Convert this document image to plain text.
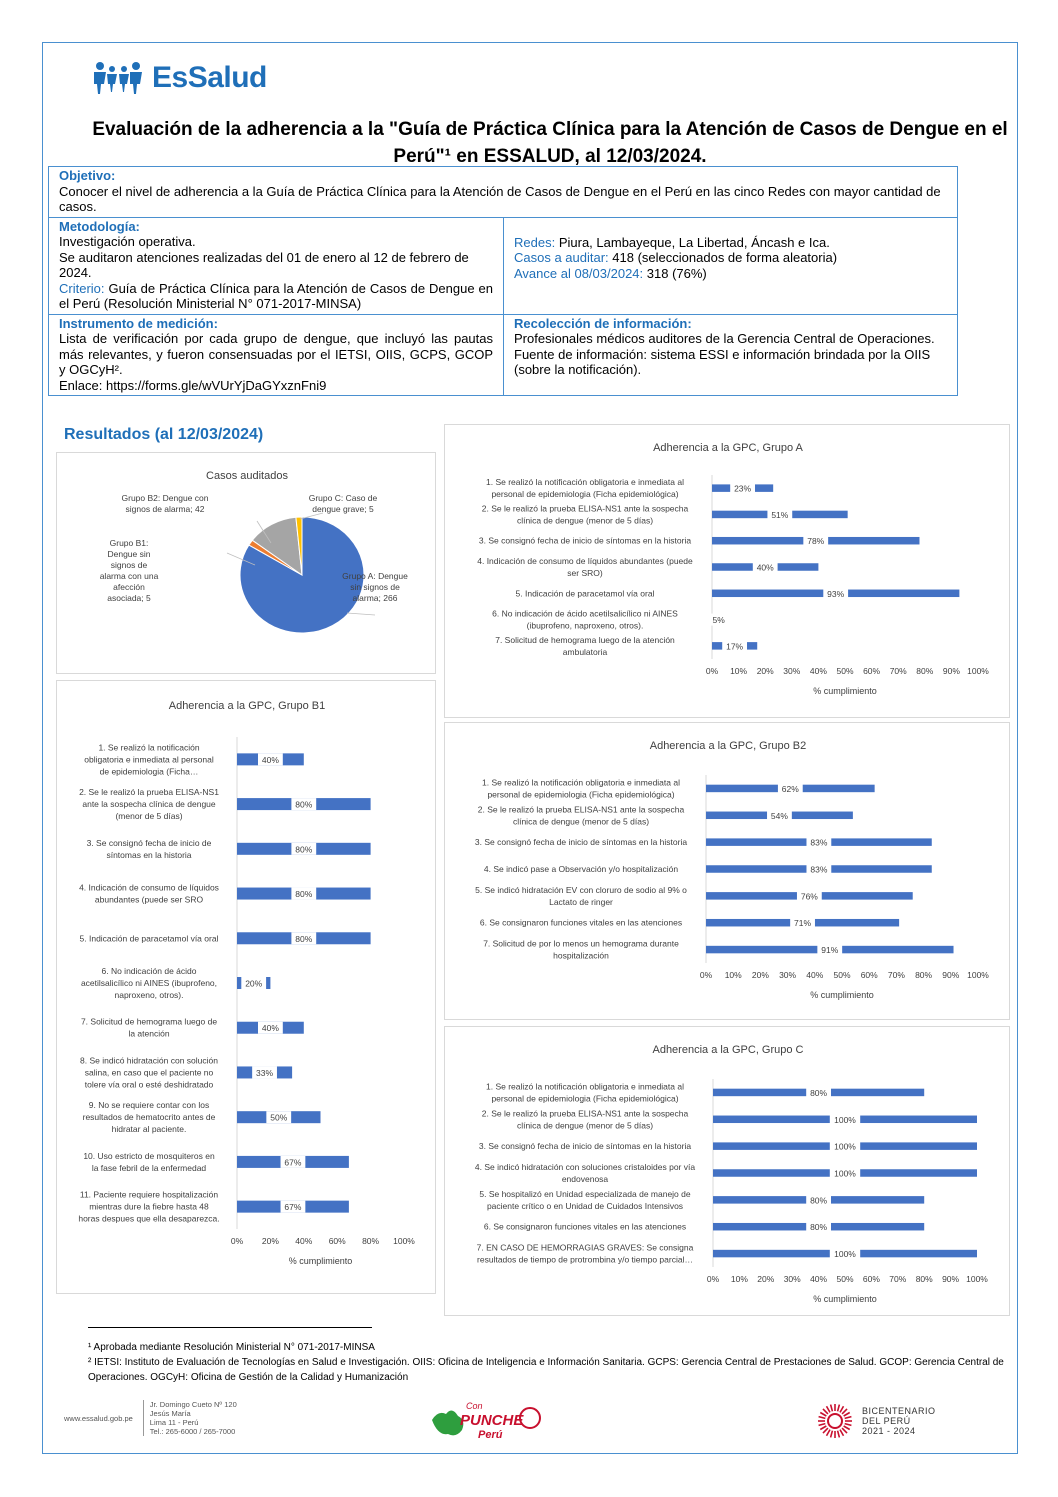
EsSalud
Evaluación de la adherencia a la "Guía de Práctica Clínica para la Atención de Casos de Dengue en el Perú"¹ en ESSALUD, al 12/03/2024.
Objetivo:
Conocer el nivel de adherencia a la Guía de Práctica Clínica para la Atención de Casos de Dengue en el Perú en las cinco Redes con mayor cantidad de casos.
Metodología:
Investigación operativa.
Se auditaron atenciones realizadas del 01 de enero al 12 de febrero de 2024.
Criterio: Guía de Práctica Clínica para la Atención de Casos de Dengue en el Perú (Resolución Ministerial N° 071-2017-MINSA)
Redes: Piura, Lambayeque, La Libertad, Áncash e Ica.
Casos a auditar: 418 (seleccionados de forma aleatoria)
Avance al 08/03/2024: 318 (76%)
Instrumento de medición:
Lista de verificación por cada grupo de dengue, que incluyó las pautas más relevantes, y fueron consensuadas por el IETSI, OIIS, GCPS, GCOP y OGCyH².
Enlace: https://forms.gle/wVUrYjDaGYxznFni9
Recolección de información:
Profesionales médicos auditores de la Gerencia Central de Operaciones.
Fuente de información: sistema ESSI e información brindada por la OIIS (sobre la notificación).
Resultados (al 12/03/2024)
Casos auditados
Grupo A: Dengue sin signos de alarma; 266
Grupo B1: Dengue sin signos de alarma con una afección asociada; 5
Grupo B2: Dengue con signos de alarma; 42
Grupo C: Caso de dengue grave; 5
Adherencia a la GPC, Grupo A
23%
1. Se realizó la notificación obligatoria e inmediata al personal de epidemiologia (Ficha epidemiológica)
51%
2. Se le realizó la prueba ELISA-NS1 ante la sospecha clínica de dengue (menor de 5 días)
78%
3. Se consignó fecha de inicio de síntomas en la historia
40%
4. Indicación de consumo de líquidos abundantes (puede ser SRO)
93%
5. Indicación de paracetamol vía oral
5%
6. No indicación de ácido acetilsalicílico ni AINES (ibuprofeno, naproxeno, otros).
17%
7. Solicitud de hemograma luego de la atención ambulatoria
0% 10% 20% 30% 40% 50% 60% 70% 80% 90% 100%
% cumplimiento
Adherencia a la GPC, Grupo B1
40%
1. Se realizó la notificación obligatoria e inmediata al personal de epidemiologia (Ficha…
80%
2. Se le realizó la prueba ELISA-NS1 ante la sospecha clínica de dengue (menor de 5 días)
80%
3. Se consignó fecha de inicio de síntomas en la historia
80%
4. Indicación de consumo de líquidos abundantes (puede ser SRO
80%
5. Indicación de paracetamol vía oral
20%
6. No indicación de ácido acetilsalicílico ni AINES (ibuprofeno, naproxeno, otros).
40%
7. Solicitud de hemograma luego de la atención
33%
8. Se indicó hidratación con solución salina, en caso que el paciente no tolere vía oral o esté deshidratado
50%
9. No se requiere contar con los resultados de hematocrito antes de hidratar al paciente.
67%
10. Uso estricto de mosquiteros en la fase febril de la enfermedad
67%
11. Paciente requiere hospitalización mientras dure la fiebre hasta 48 horas despues que ella desaparezca.
0% 20% 40% 60% 80% 100%
% cumplimiento
Adherencia a la GPC, Grupo B2
62%
1. Se realizó la notificación obligatoria e inmediata al personal de epidemiologia (Ficha epidemiológica)
54%
2. Se le realizó la prueba ELISA-NS1 ante la sospecha clínica de dengue (menor de 5 días)
83%
3. Se consignó fecha de inicio de síntomas en la historia
83%
4. Se indicó pase a Observación y/o hospitalización
76%
5. Se indicó hidratación EV con cloruro de sodio al 9% o Lactato de ringer
71%
6. Se consignaron funciones vitales en las atenciones
91%
7. Solicitud de por lo menos un hemograma durante hospitalización
0% 10% 20% 30% 40% 50% 60% 70% 80% 90% 100%
% cumplimiento
Adherencia a la GPC, Grupo C
80%
1. Se realizó la notificación obligatoria e inmediata al personal de epidemiologia (Ficha epidemiológica)
100%
2. Se le realizó la prueba ELISA-NS1 ante la sospecha clínica de dengue (menor de 5 días)
100%
3. Se consignó fecha de inicio de síntomas en la historia
100%
4. Se indicó hidratación con soluciones cristaloides por vía endovenosa
80%
5. Se hospitalizó en Unidad especializada de manejo de paciente crítico o en Unidad de Cuidados Intensivos
80%
6. Se consignaron funciones vitales en las atenciones
100%
7. EN CASO DE HEMORRAGIAS GRAVES: Se consigna resultados de tiempo de protrombina y/o tiempo parcial…
0% 10% 20% 30% 40% 50% 60% 70% 80% 90% 100%
% cumplimiento
¹ Aprobada mediante Resolución Ministerial N° 071-2017-MINSA
² IETSI: Instituto de Evaluación de Tecnologías en Salud e Investigación. OIIS: Oficina de Inteligencia e Información Sanitaria. GCPS: Gerencia Central de Prestaciones de Salud. GCOP: Gerencia Central de Operaciones. OGCyH: Oficina de Gestión de la Calidad y Humanización
www.essalud.gob.pe
Jr. Domingo Cueto Nº 120
Jesús María
Lima 11 - Perú
Tel.: 265-6000 / 265-7000
Con
PUNCHE
Perú
BICENTENARIO
DEL PERÚ
2021 - 2024
